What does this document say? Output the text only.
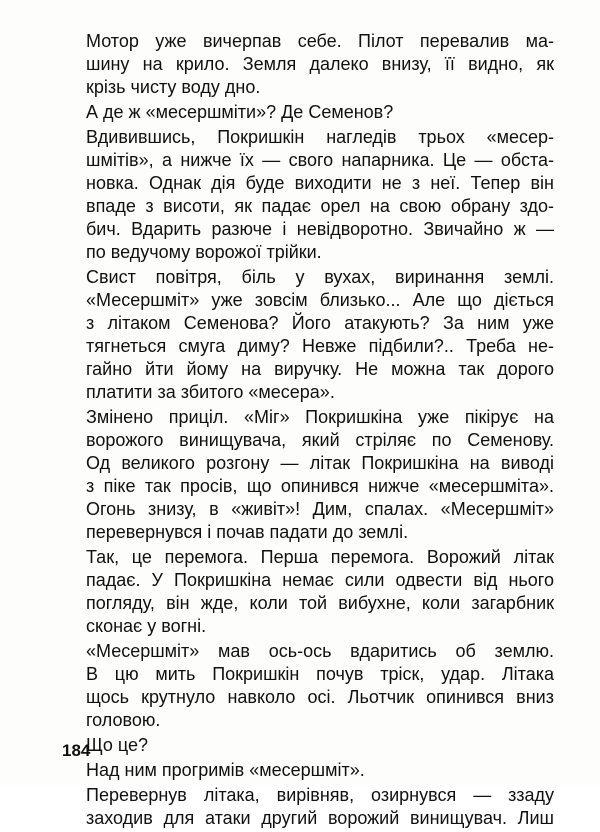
Мотор уже вичерпав себе. Пілот перевалив ма-
шину на крило. Земля далеко внизу, її видно, як
крізь чисту воду дно.
А де ж «месершміти»? Де Семенов?
Вдивившись, Покришкін нагледів трьох «месер-
шмітів», а нижче їх — свого напарника. Це — обста-
новка. Однак дія буде виходити не з неї. Тепер він
впаде з висоти, як падає орел на свою обрану здо-
бич. Вдарить разюче і невідворотно. Звичайно ж —
по ведучому ворожої трійки.
Свист повітря, біль у вухах, виринання землі.
«Месершміт» уже зовсім близько... Але що діється
з літаком Семенова? Його атакують? За ним уже
тягнеться смуга диму? Невже підбили?.. Треба не-
гайно йти йому на виручку. Не можна так дорого
платити за збитого «месера».
Змінено приціл. «Міг» Покришкіна уже пікірує на
ворожого винищувача, який стріляє по Семенову.
Од великого розгону — літак Покришкіна на виводі
з піке так просів, що опинився нижче «месершміта».
Огонь знизу, в «живіт»! Дим, спалах. «Месершміт»
перевернувся і почав падати до землі.
Так, це перемога. Перша перемога. Ворожий літак
падає. У Покришкіна немає сили одвести від нього
погляду, він жде, коли той вибухне, коли загарбник
сконає у вогні.
«Месершміт» мав ось-ось вдаритись об землю.
В цю мить Покришкін почув тріск, удар. Літака
щось крутнуло навколо осі. Льотчик опинився вниз
головою.
Що це?
Над ним прогримів «месершміт».
Перевернув літака, вирівняв, озирнувся — ззаду
заходив для атаки другий ворожий винищувач. Лиш
184
